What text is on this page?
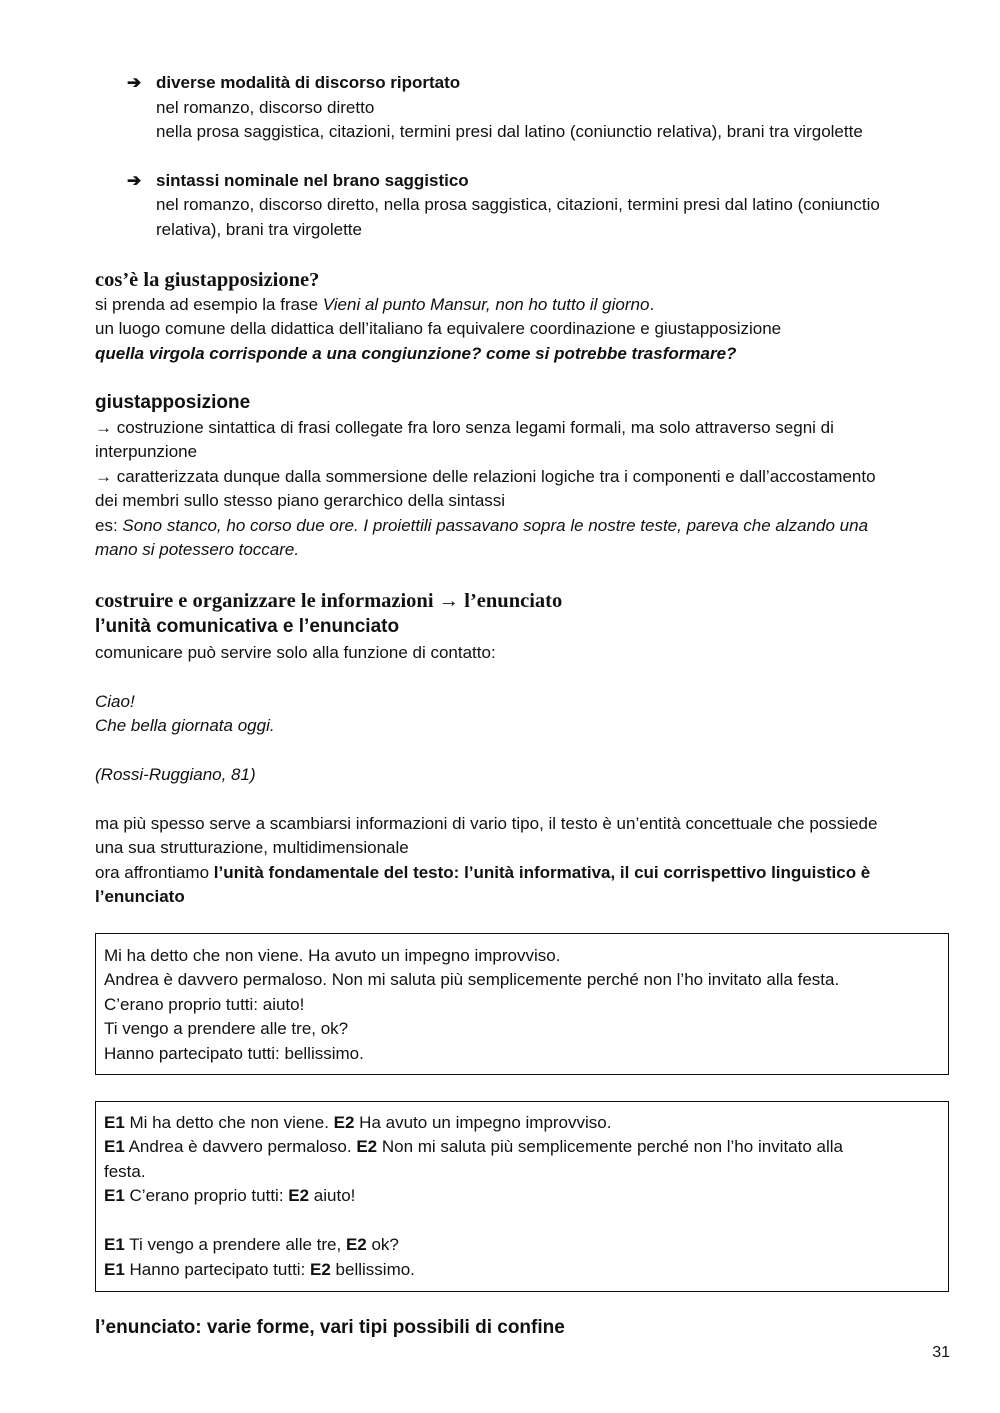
➔ diverse modalità di discorso riportato
nel romanzo, discorso diretto
nella prosa saggistica, citazioni, termini presi dal latino (coniunctio relativa), brani tra virgolette
➔ sintassi nominale nel brano saggistico
nel romanzo, discorso diretto, nella prosa saggistica, citazioni, termini presi dal latino (coniunctio
relativa), brani tra virgolette
cos’è la giustapposizione?
si prenda ad esempio la frase Vieni al punto Mansur, non ho tutto il giorno.
un luogo comune della didattica dell’italiano fa equivalere coordinazione e giustapposizione
quella virgola corrisponde a una congiunzione? come si potrebbe trasformare?
giustapposizione
→ costruzione sintattica di frasi collegate fra loro senza legami formali, ma solo attraverso segni di
interpunzione
→ caratterizzata dunque dalla sommersione delle relazioni logiche tra i componenti e dall’accostamento
dei membri sullo stesso piano gerarchico della sintassi
es: Sono stanco, ho corso due ore. I proiettili passavano sopra le nostre teste, pareva che alzando una
mano si potessero toccare.
costruire e organizzare le informazioni → l’enunciato
l’unità comunicativa e l’enunciato
comunicare può servire solo alla funzione di contatto:
Ciao!
Che bella giornata oggi.
(Rossi-Ruggiano, 81)
ma più spesso serve a scambiarsi informazioni di vario tipo, il testo è un’entità concettuale che possiede
una sua strutturazione, multidimensionale
ora affrontiamo l’unità fondamentale del testo: l’unità informativa, il cui corrispettivo linguistico è
l’enunciato
Mi ha detto che non viene. Ha avuto un impegno improvviso.
Andrea è davvero permaloso. Non mi saluta più semplicemente perché non l’ho invitato alla festa.
C’erano proprio tutti: aiuto!
Ti vengo a prendere alle tre, ok?
Hanno partecipato tutti: bellissimo.
E1 Mi ha detto che non viene. E2 Ha avuto un impegno improvviso.
E1 Andrea è davvero permaloso. E2 Non mi saluta più semplicemente perché non l’ho invitato alla
festa.
E1 C’erano proprio tutti: E2 aiuto!
E1 Ti vengo a prendere alle tre, E2 ok?
E1 Hanno partecipato tutti: E2 bellissimo.
l’enunciato: varie forme, vari tipi possibili di confine
31
